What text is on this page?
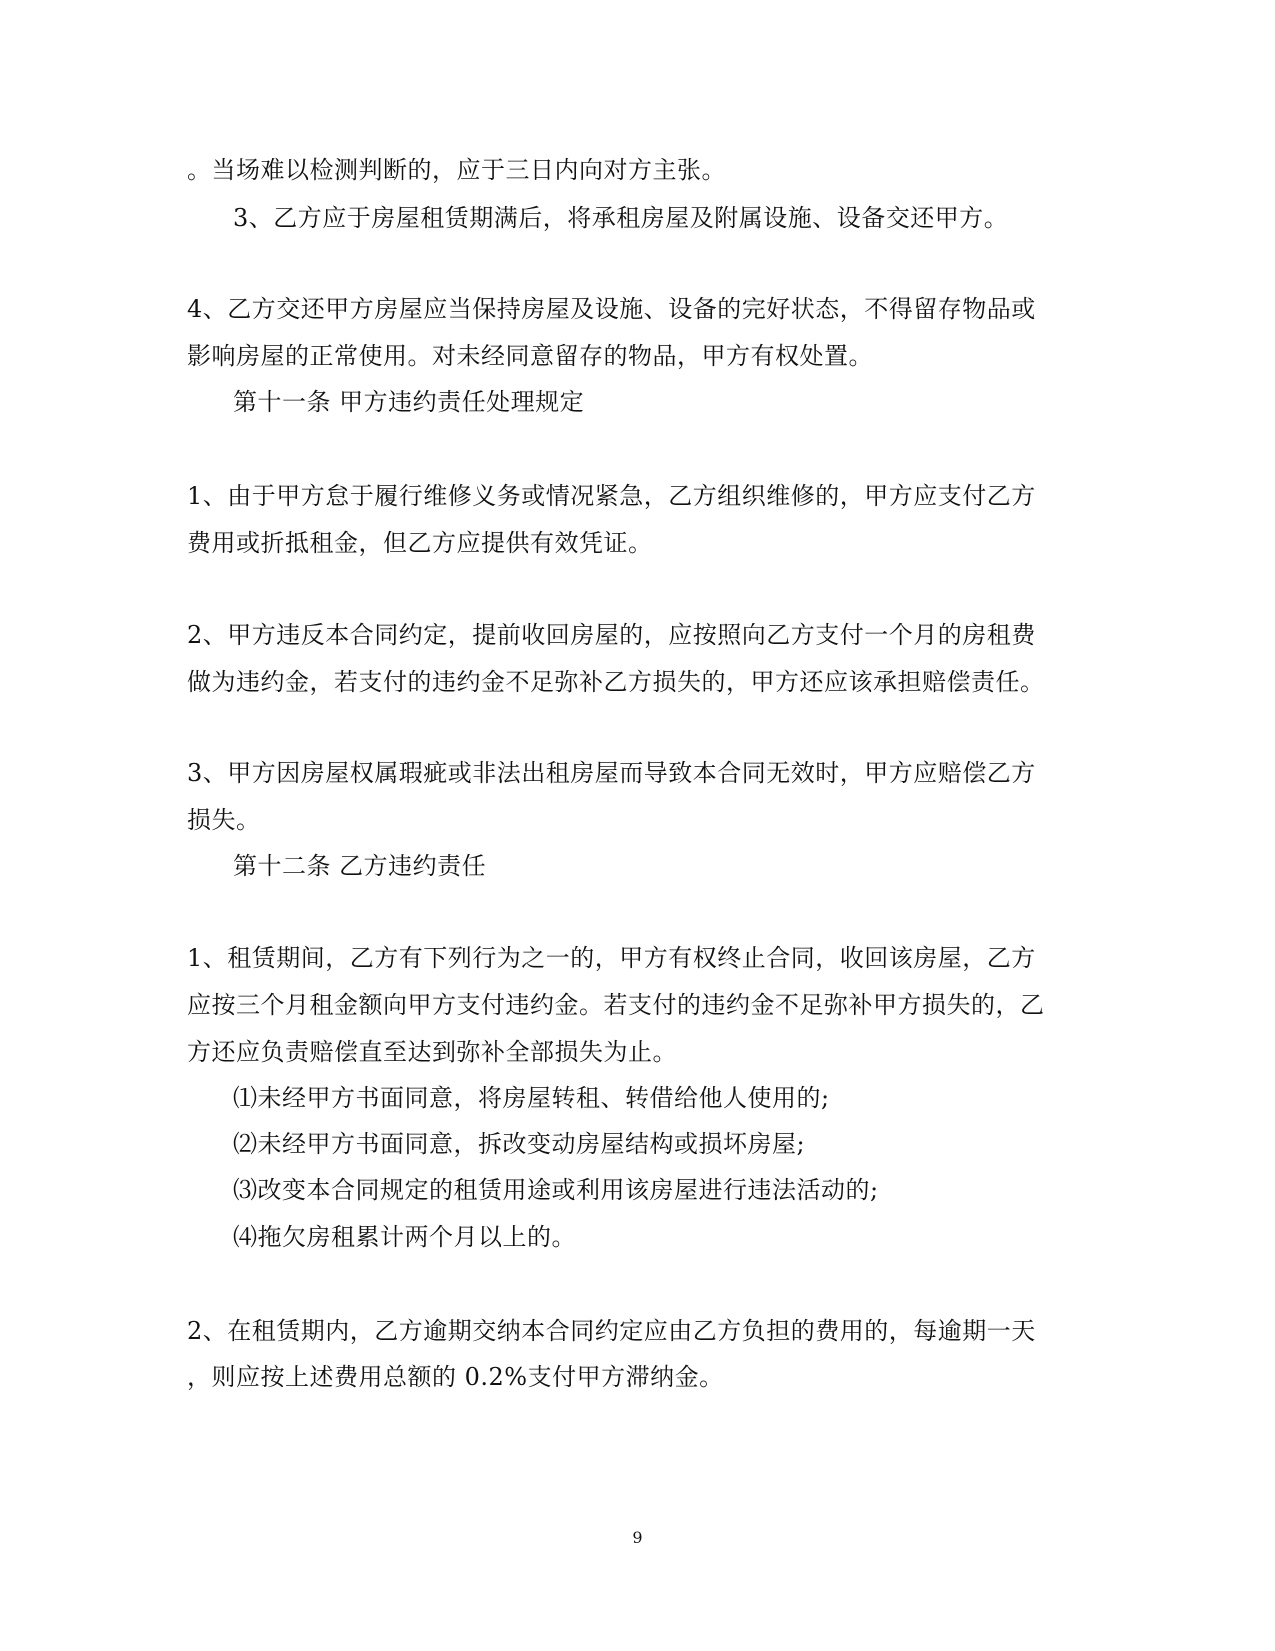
。当场难以检测判断的，应于三日内向对方主张。
3、乙方应于房屋租赁期满后，将承租房屋及附属设施、设备交还甲方。
4、乙方交还甲方房屋应当保持房屋及设施、设备的完好状态，不得留存物品或
影响房屋的正常使用。对未经同意留存的物品，甲方有权处置。
第十一条 甲方违约责任处理规定
1、由于甲方怠于履行维修义务或情况紧急，乙方组织维修的，甲方应支付乙方
费用或折抵租金，但乙方应提供有效凭证。
2、甲方违反本合同约定，提前收回房屋的，应按照向乙方支付一个月的房租费
做为违约金，若支付的违约金不足弥补乙方损失的，甲方还应该承担赔偿责任。
3、甲方因房屋权属瑕疵或非法出租房屋而导致本合同无效时，甲方应赔偿乙方
损失。
第十二条 乙方违约责任
1、租赁期间，乙方有下列行为之一的，甲方有权终止合同，收回该房屋，乙方
应按三个月租金额向甲方支付违约金。若支付的违约金不足弥补甲方损失的，乙
方还应负责赔偿直至达到弥补全部损失为止。
⑴未经甲方书面同意，将房屋转租、转借给他人使用的;
⑵未经甲方书面同意，拆改变动房屋结构或损坏房屋;
⑶改变本合同规定的租赁用途或利用该房屋进行违法活动的;
⑷拖欠房租累计两个月以上的。
2、在租赁期内，乙方逾期交纳本合同约定应由乙方负担的费用的，每逾期一天
，则应按上述费用总额的 0.2%支付甲方滞纳金。
9
